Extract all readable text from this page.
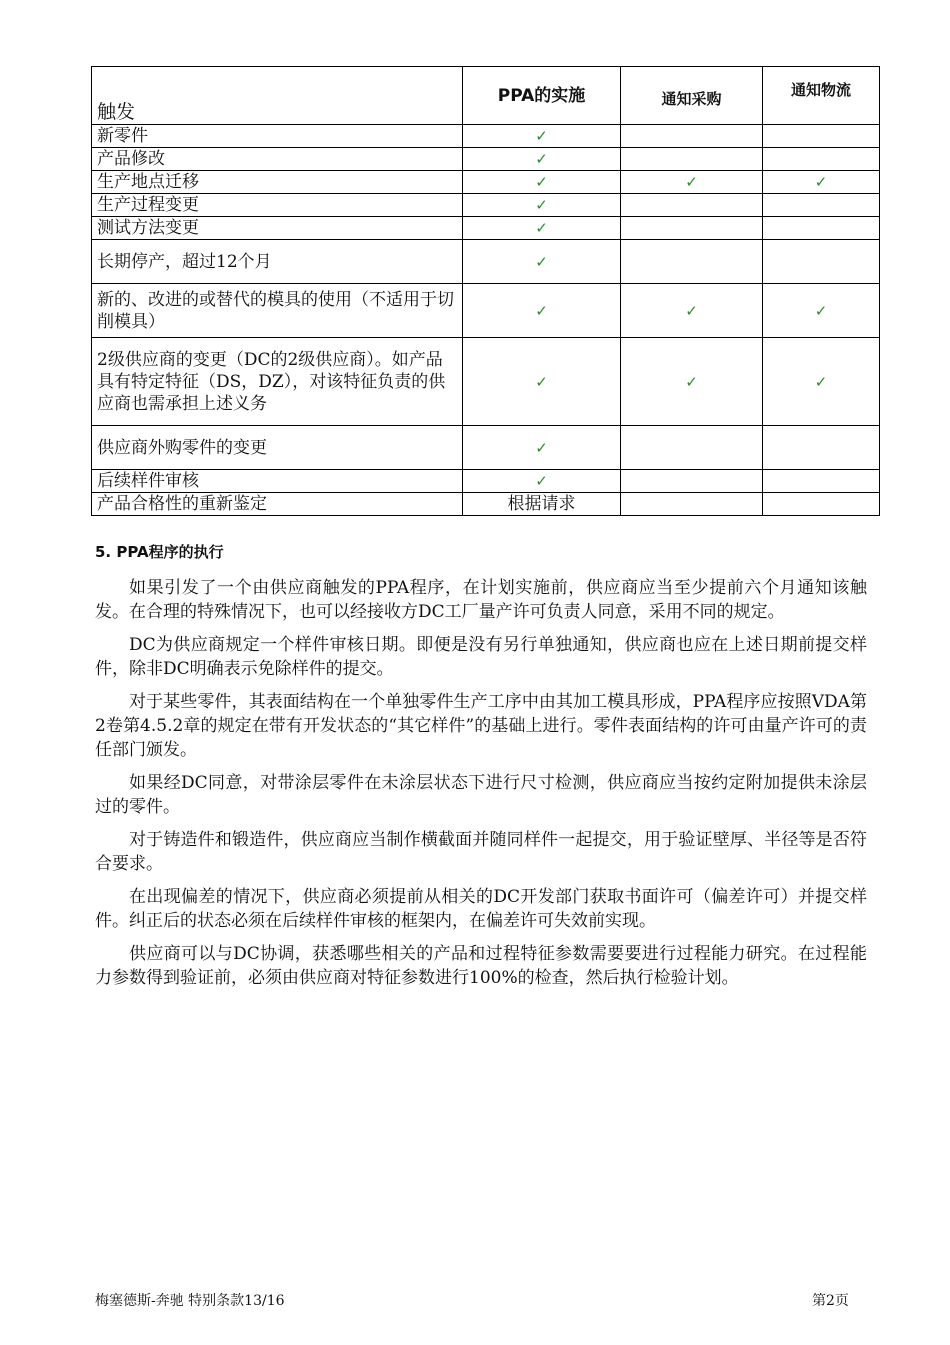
触发	PPA的实施	通知采购	通知物流
新零件	✓		
产品修改	✓		
生产地点迁移	✓	✓	✓
生产过程变更	✓		
测试方法变更	✓		
长期停产，超过12个月	✓		
新的、改进的或替代的模具的使用（不适用于切削模具）	✓	✓	✓
2级供应商的变更（DC的2级供应商）。如产品具有特定特征（DS，DZ），对该特征负责的供应商也需承担上述义务	✓	✓	✓
供应商外购零件的变更	✓		
后续样件审核	✓		
产品合格性的重新鉴定	根据请求		
5. PPA程序的执行

如果引发了一个由供应商触发的PPA程序，在计划实施前，供应商应当至少提前六个月通知该触发。在合理的特殊情况下，也可以经接收方DC工厂量产许可负责人同意，采用不同的规定。

DC为供应商规定一个样件审核日期。即便是没有另行单独通知，供应商也应在上述日期前提交样件，除非DC明确表示免除样件的提交。

对于某些零件，其表面结构在一个单独零件生产工序中由其加工模具形成，PPA程序应按照VDA第2卷第4.5.2章的规定在带有开发状态的“其它样件”的基础上进行。零件表面结构的许可由量产许可的责任部门颁发。

如果经DC同意，对带涂层零件在未涂层状态下进行尺寸检测，供应商应当按约定附加提供未涂层过的零件。

对于铸造件和锻造件，供应商应当制作横截面并随同样件一起提交，用于验证壁厚、半径等是否符合要求。

在出现偏差的情况下，供应商必须提前从相关的DC开发部门获取书面许可（偏差许可）并提交样件。纠正后的状态必须在后续样件审核的框架内，在偏差许可失效前实现。

供应商可以与DC协调，获悉哪些相关的产品和过程特征参数需要要进行过程能力研究。在过程能力参数得到验证前，必须由供应商对特征参数进行100%的检查，然后执行检验计划。

梅塞德斯-奔驰 特别条款13/16	第2页
